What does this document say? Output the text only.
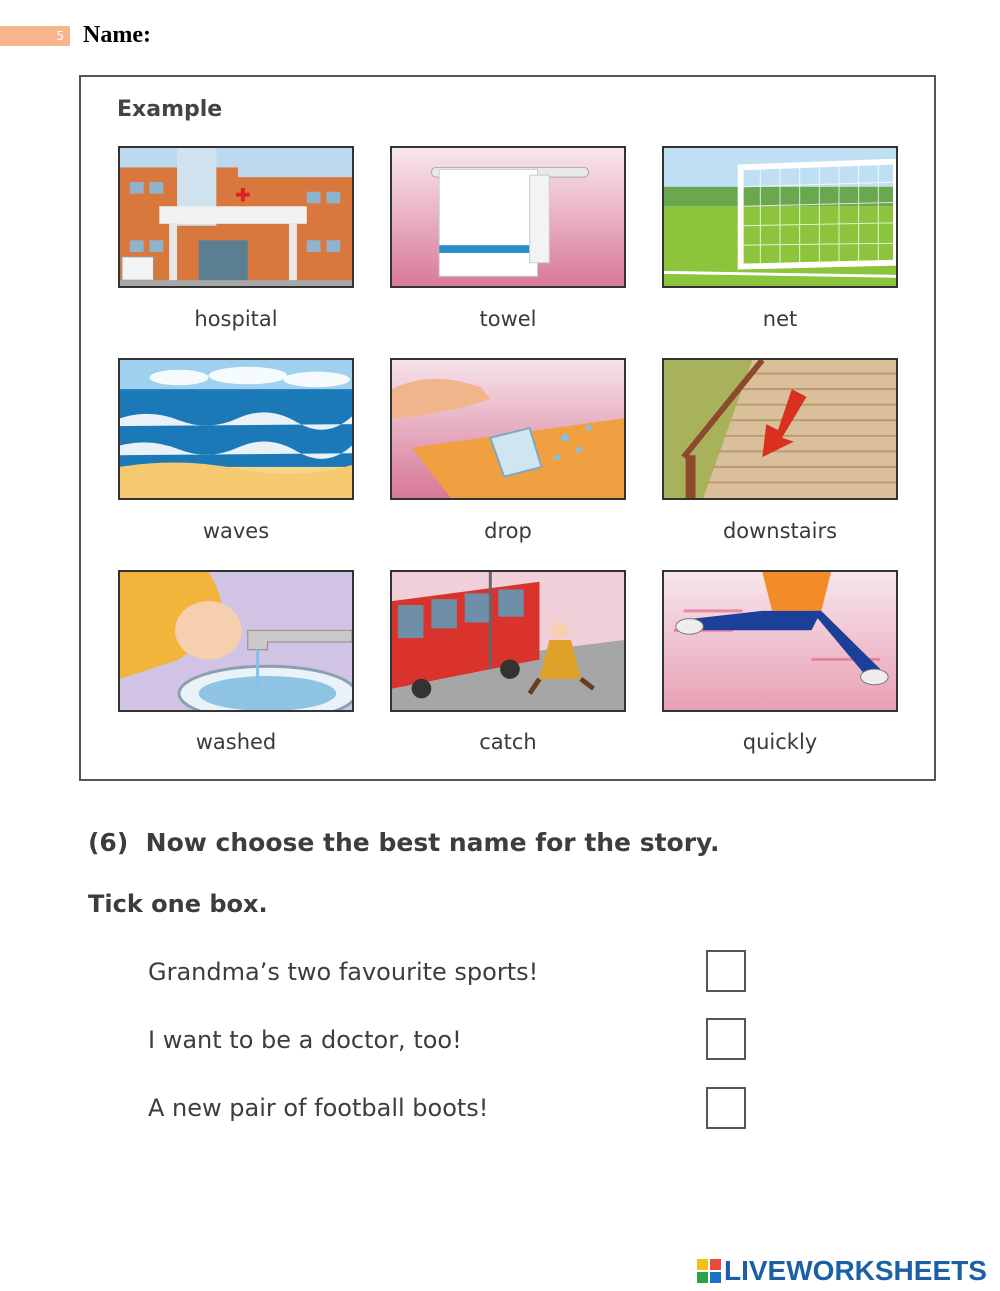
5 Name:
Example
hospital	towel	net
waves	drop	downstairs
washed	catch	quickly
(6)  Now choose the best name for the story.
Tick one box.
Grandma’s two favourite sports!
I want to be a doctor, too!
A new pair of football boots!
LIVEWORKSHEETS
